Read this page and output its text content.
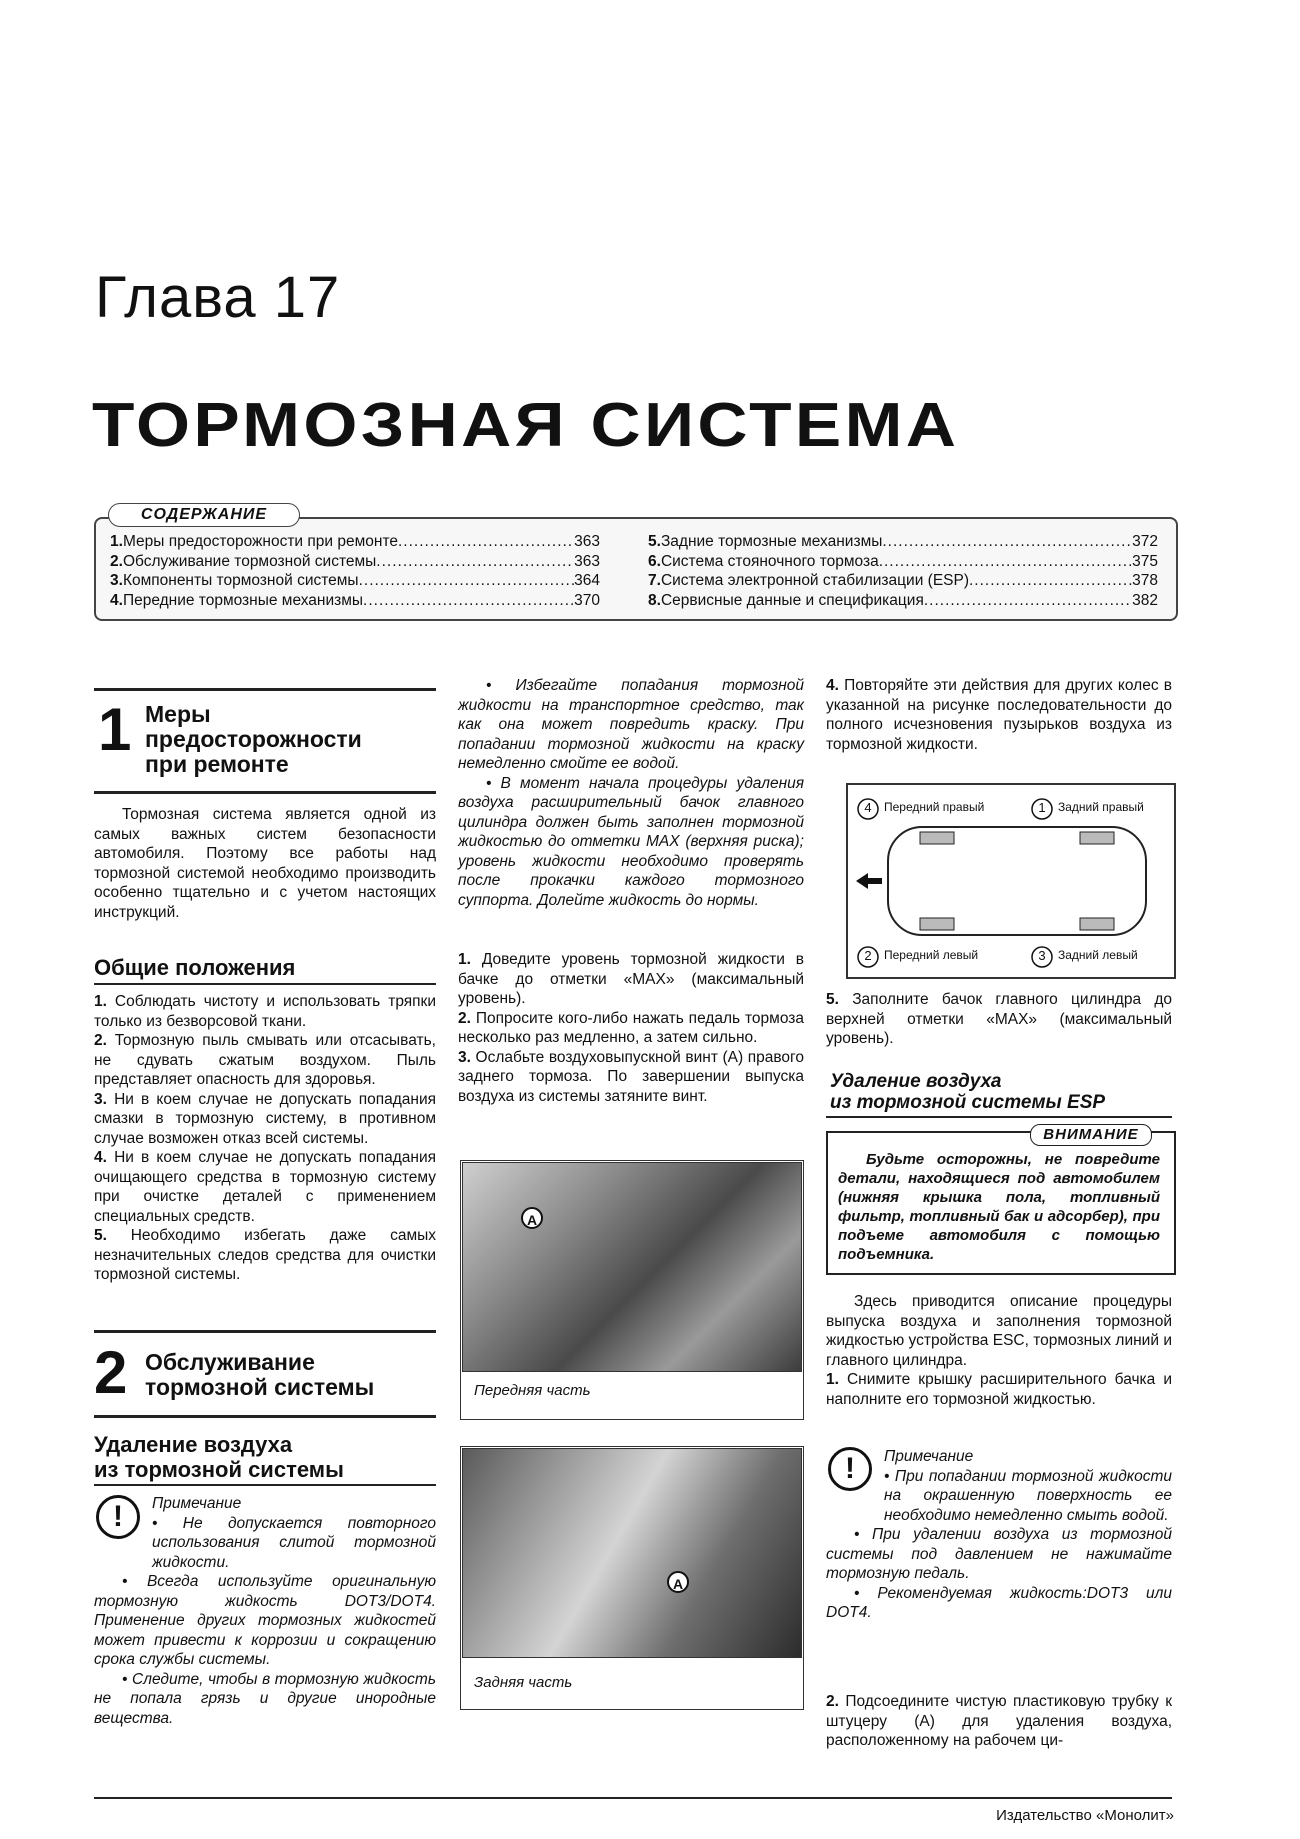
Глава 17
ТОРМОЗНАЯ СИСТЕМА
СОДЕРЖАНИЕ
1. Меры предосторожности при ремонте .....	363
2. Обслуживание тормозной системы .....	363
3. Компоненты тормозной системы .....	364
4. Передние тормозные механизмы .....	370
5. Задние тормозные механизмы .....	372
6. Система стояночного тормоза .....	375
7. Система электронной стабилизации (ESP) .....	378
8. Сервисные данные и спецификация .....	382
1 Меры
предосторожности
при ремонте

Тормозная система является одной из самых важных систем безопасности автомобиля. Поэтому все работы над тормозной системой необходимо производить особенно тщательно и с учетом настоящих инструкций.

Общие положения

1. Соблюдать чистоту и использовать тряпки только из безворсовой ткани.

2. Тормозную пыль смывать или отсасывать, не сдувать сжатым воздухом. Пыль представляет опасность для здоровья.

3. Ни в коем случае не допускать попадания смазки в тормозную систему, в противном случае возможен отказ всей системы.

4. Ни в коем случае не допускать попадания очищающего средства в тормозную систему при очистке деталей с применением специальных средств.

5. Необходимо избегать даже самых незначительных следов средства для очистки тормозной системы.

2 Обслуживание
тормозной системы
Удаление воздуха
из тормозной системы
!	Примечание

• Не допускается повторного использования слитой тормозной жидкости.

• Всегда используйте оригинальную тормозную жидкость DOT3/DOT4. Применение других тормозных жидкостей может привести к коррозии и сокращению срока службы системы.

• Следите, чтобы в тормозную жидкость не попала грязь и другие инородные вещества.

• Избегайте попадания тормозной жидкости на транспортное средство, так как она может повредить краску. При попадании тормозной жидкости на краску немедленно смойте ее водой.

• В момент начала процедуры удаления воздуха расширительный бачок главного цилиндра должен быть заполнен тормозной жидкостью до отметки MAX (верхняя риска); уровень жидкости необходимо проверять после прокачки каждого тормозного суппорта. Долейте жидкость до нормы.

1. Доведите уровень тормозной жидкости в бачке до отметки «MAX» (максимальный уровень).

2. Попросите кого-либо нажать педаль тормоза несколько раз медленно, а затем сильно.

3. Ослабьте воздуховыпускной винт (А) правого заднего тормоза. По завершении выпуска воздуха из системы затяните винт.

A
Передняя часть
A
Задняя часть

4. Повторяйте эти действия для других колес в указанной на рисунке последовательности до полного исчезновения пузырьков воздуха из тормозной жидкости.

4	Передний правый	1	Задний правый
2	Передний левый	3	Задний левый

5. Заполните бачок главного цилиндра до верхней отметки «MAX» (максимальный уровень).

Удаление воздуха
из тормозной системы ESP
ВНИМАНИЕ

Будьте осторожны, не повредите детали, находящиеся под автомобилем (нижняя крышка пола, топливный фильтр, топливный бак и адсорбер), при подъеме автомобиля с помощью подъемника.

Здесь приводится описание процедуры выпуска воздуха и заполнения тормозной жидкостью устройства ESC, тормозных линий и главного цилиндра.

1. Снимите крышку расширительного бачка и наполните его тормозной жидкостью.

!	Примечание

• При попадании тормозной жидкости на окрашенную поверхность ее необходимо немедленно смыть водой.

• При удалении воздуха из тормозной системы под давлением не нажимайте тормозную педаль.

• Рекомендуемая жидкость:DOT3 или DOT4.

2. Подсоедините чистую пластиковую трубку к штуцеру (А) для удаления воздуха, расположенному на рабочем ци-

Издательство «Монолит»
